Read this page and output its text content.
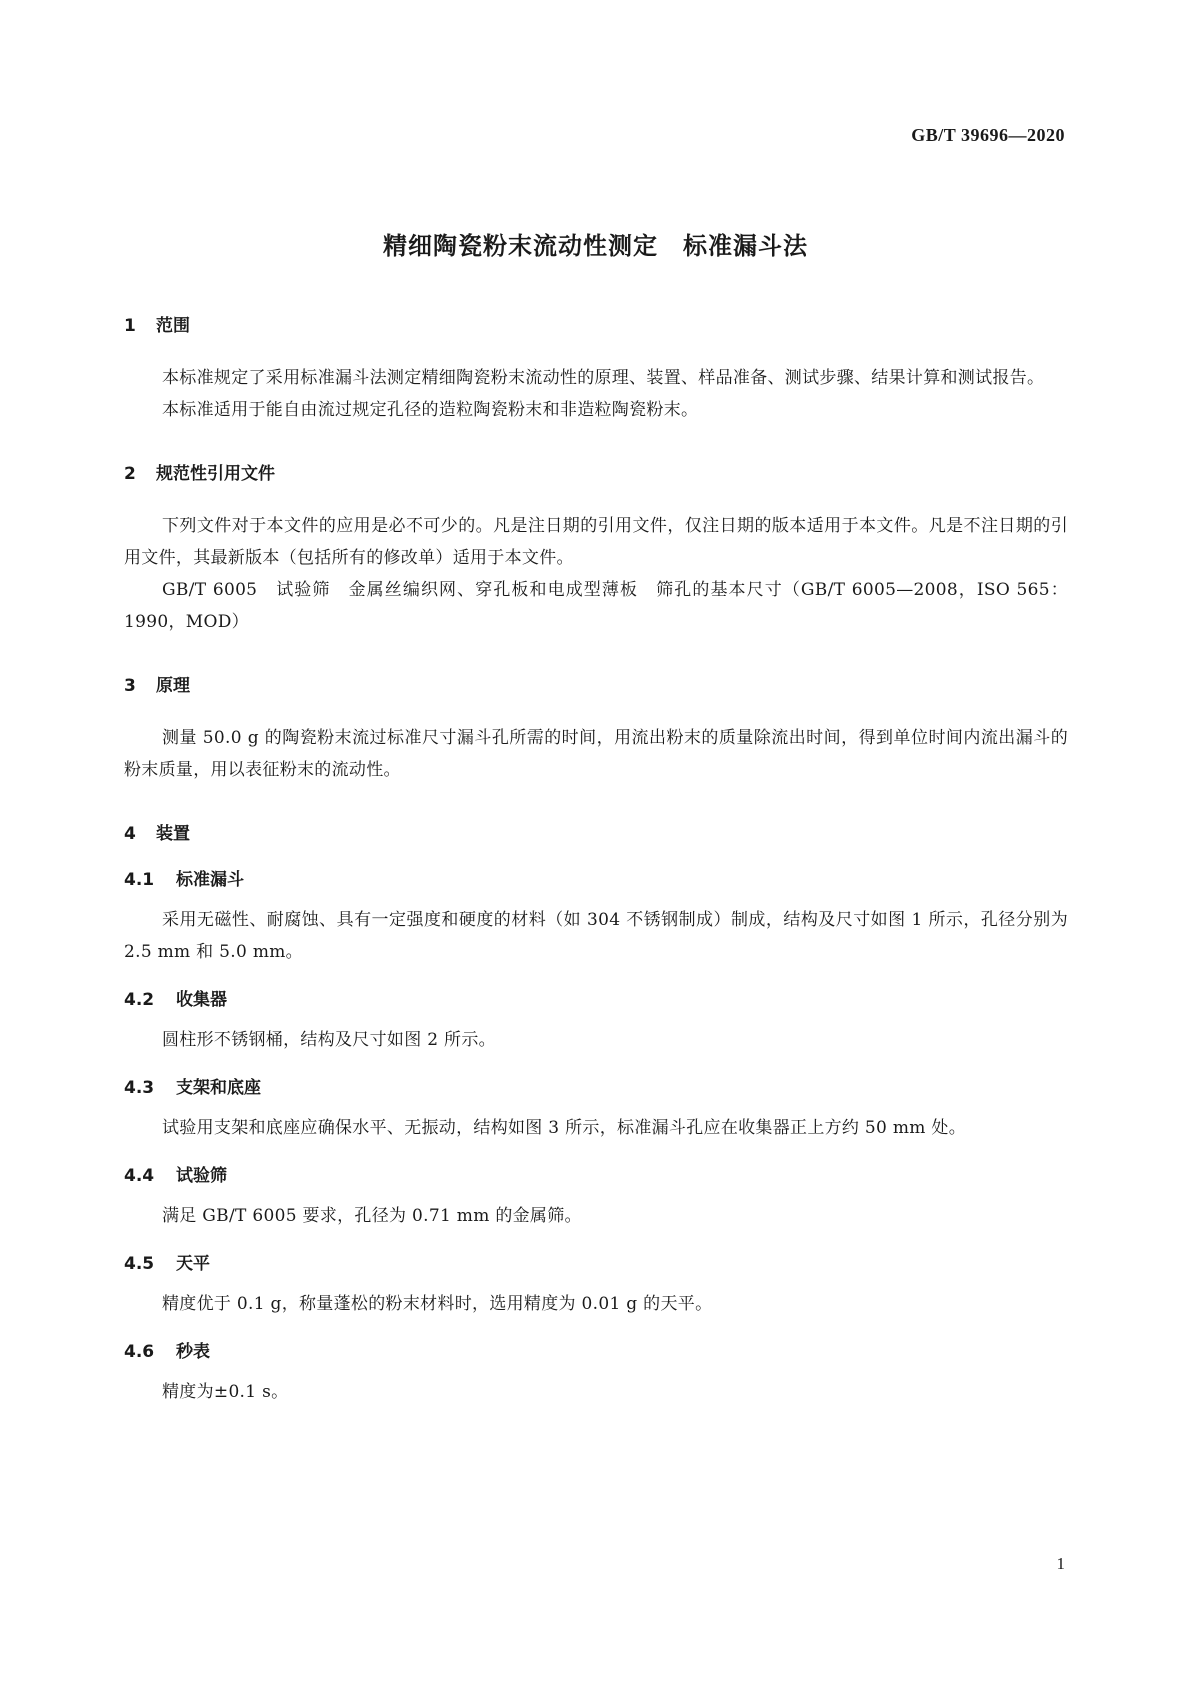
GB/T 39696—2020
精细陶瓷粉末流动性测定　标准漏斗法
1	范围

本标准规定了采用标准漏斗法测定精细陶瓷粉末流动性的原理、装置、样品准备、测试步骤、结果计算和测试报告。

本标准适用于能自由流过规定孔径的造粒陶瓷粉末和非造粒陶瓷粉末。

2	规范性引用文件

下列文件对于本文件的应用是必不可少的。凡是注日期的引用文件，仅注日期的版本适用于本文件。凡是不注日期的引用文件，其最新版本（包括所有的修改单）适用于本文件。

GB/T 6005　试验筛　金属丝编织网、穿孔板和电成型薄板　筛孔的基本尺寸（GB/T 6005—2008，ISO 565：1990，MOD）

3	原理

测量 50.0 g 的陶瓷粉末流过标准尺寸漏斗孔所需的时间，用流出粉末的质量除流出时间，得到单位时间内流出漏斗的粉末质量，用以表征粉末的流动性。

4	装置
4.1	标准漏斗

采用无磁性、耐腐蚀、具有一定强度和硬度的材料（如 304 不锈钢制成）制成，结构及尺寸如图 1 所示，孔径分别为 2.5 mm 和 5.0 mm。

4.2	收集器

圆柱形不锈钢桶，结构及尺寸如图 2 所示。

4.3	支架和底座

试验用支架和底座应确保水平、无振动，结构如图 3 所示，标准漏斗孔应在收集器正上方约 50 mm 处。

4.4	试验筛

满足 GB/T 6005 要求，孔径为 0.71 mm 的金属筛。

4.5	天平

精度优于 0.1 g，称量蓬松的粉末材料时，选用精度为 0.01 g 的天平。

4.6	秒表

精度为±0.1 s。

1
